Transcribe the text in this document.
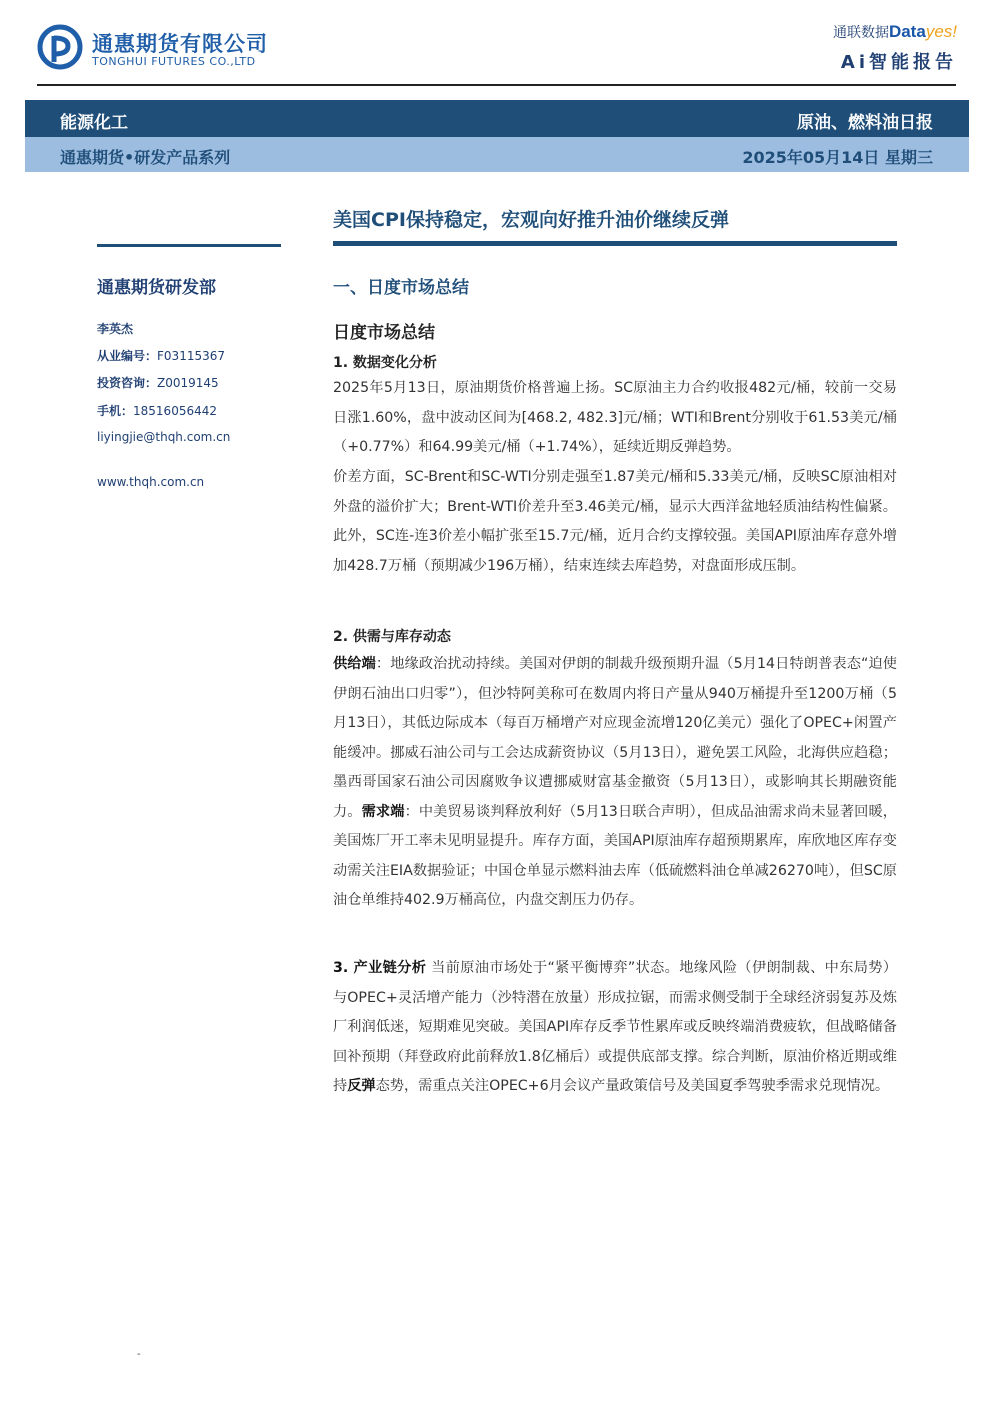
通惠期货有限公司
TONGHUI FUTURES CO.,LTD
通联数据Datayes!
Ai智能报告
能源化工	原油、燃料油日报
通惠期货•研发产品系列	2025年05月14日 星期三
美国CPI保持稳定，宏观向好推升油价继续反弹
通惠期货研发部
李英杰
从业编号：F03115367
投资咨询：Z0019145
手机：18516056442
liyingjie@thqh.com.cn
www.thqh.com.cn
一、日度市场总结
日度市场总结
1. 数据变化分析
2025年5月13日，原油期货价格普遍上扬。SC原油主力合约收报482元/桶，较前一交易日涨1.60%，盘中波动区间为[468.2, 482.3]元/桶；WTI和Brent分别收于61.53美元/桶（+0.77%）和64.99美元/桶（+1.74%），延续近期反弹趋势。
价差方面，SC-Brent和SC-WTI分别走强至1.87美元/桶和5.33美元/桶，反映SC原油相对外盘的溢价扩大；Brent-WTI价差升至3.46美元/桶，显示大西洋盆地轻质油结构性偏紧。此外，SC连-连3价差小幅扩张至15.7元/桶，近月合约支撑较强。美国API原油库存意外增加428.7万桶（预期减少196万桶），结束连续去库趋势，对盘面形成压制。
2. 供需与库存动态
供给端：地缘政治扰动持续。美国对伊朗的制裁升级预期升温（5月14日特朗普表态“迫使伊朗石油出口归零”），但沙特阿美称可在数周内将日产量从940万桶提升至1200万桶（5月13日），其低边际成本（每百万桶增产对应现金流增120亿美元）强化了OPEC+闲置产能缓冲。挪威石油公司与工会达成薪资协议（5月13日），避免罢工风险，北海供应趋稳；墨西哥国家石油公司因腐败争议遭挪威财富基金撤资（5月13日），或影响其长期融资能力。需求端：中美贸易谈判释放利好（5月13日联合声明），但成品油需求尚未显著回暖，美国炼厂开工率未见明显提升。库存方面，美国API原油库存超预期累库，库欣地区库存变动需关注EIA数据验证；中国仓单显示燃料油去库（低硫燃料油仓单减26270吨），但SC原油仓单维持402.9万桶高位，内盘交割压力仍存。
3. 产业链分析 当前原油市场处于“紧平衡博弈”状态。地缘风险（伊朗制裁、中东局势）与OPEC+灵活增产能力（沙特潜在放量）形成拉锯，而需求侧受制于全球经济弱复苏及炼厂利润低迷，短期难见突破。美国API库存反季节性累库或反映终端消费疲软，但战略储备回补预期（拜登政府此前释放1.8亿桶后）或提供底部支撑。综合判断，原油价格近期或维持反弹态势，需重点关注OPEC+6月会议产量政策信号及美国夏季驾驶季需求兑现情况。
-
